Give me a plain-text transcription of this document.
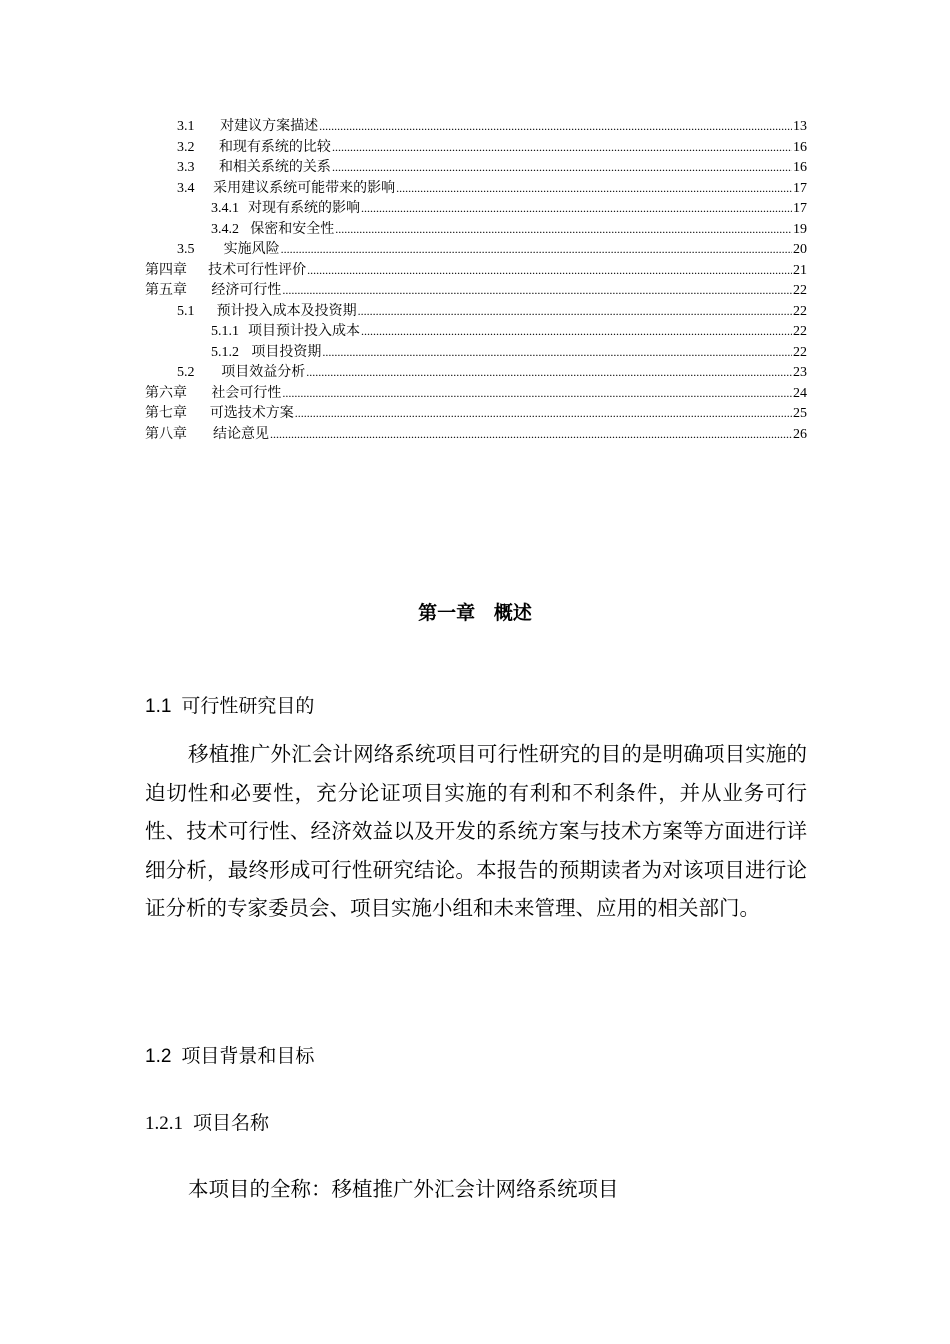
3.1	对建议方案描述 .....	13
3.2	和现有系统的比较 .....	16
3.3	和相关系统的关系 .....	16
3.4	采用建议系统可能带来的影响 .....	17
3.4.1 对现有系统的影响 .....	17
3.4.2 保密和安全性 .....	19
3.5	实施风险 .....	20
第四章	技术可行性评价 .....	21
第五章	经济可行性 .....	22
5.1	预计投入成本及投资期 .....	22
5.1.1 项目预计投入成本 .....	22
5.1.2 项目投资期 .....	22
5.2	项目效益分析 .....	23
第六章	社会可行性 .....	24
第七章	可选技术方案 .....	25
第八章	结论意见 .....	26
第一章 概述
1.1 可行性研究目的

移植推广外汇会计网络系统项目可行性研究的目的是明确项目实施的迫切性和必要性，充分论证项目实施的有利和不利条件，并从业务可行性、技术可行性、经济效益以及开发的系统方案与技术方案等方面进行详细分析，最终形成可行性研究结论。本报告的预期读者为对该项目进行论证分析的专家委员会、项目实施小组和未来管理、应用的相关部门。

1.2 项目背景和目标
1.2.1 项目名称

本项目的全称：移植推广外汇会计网络系统项目
